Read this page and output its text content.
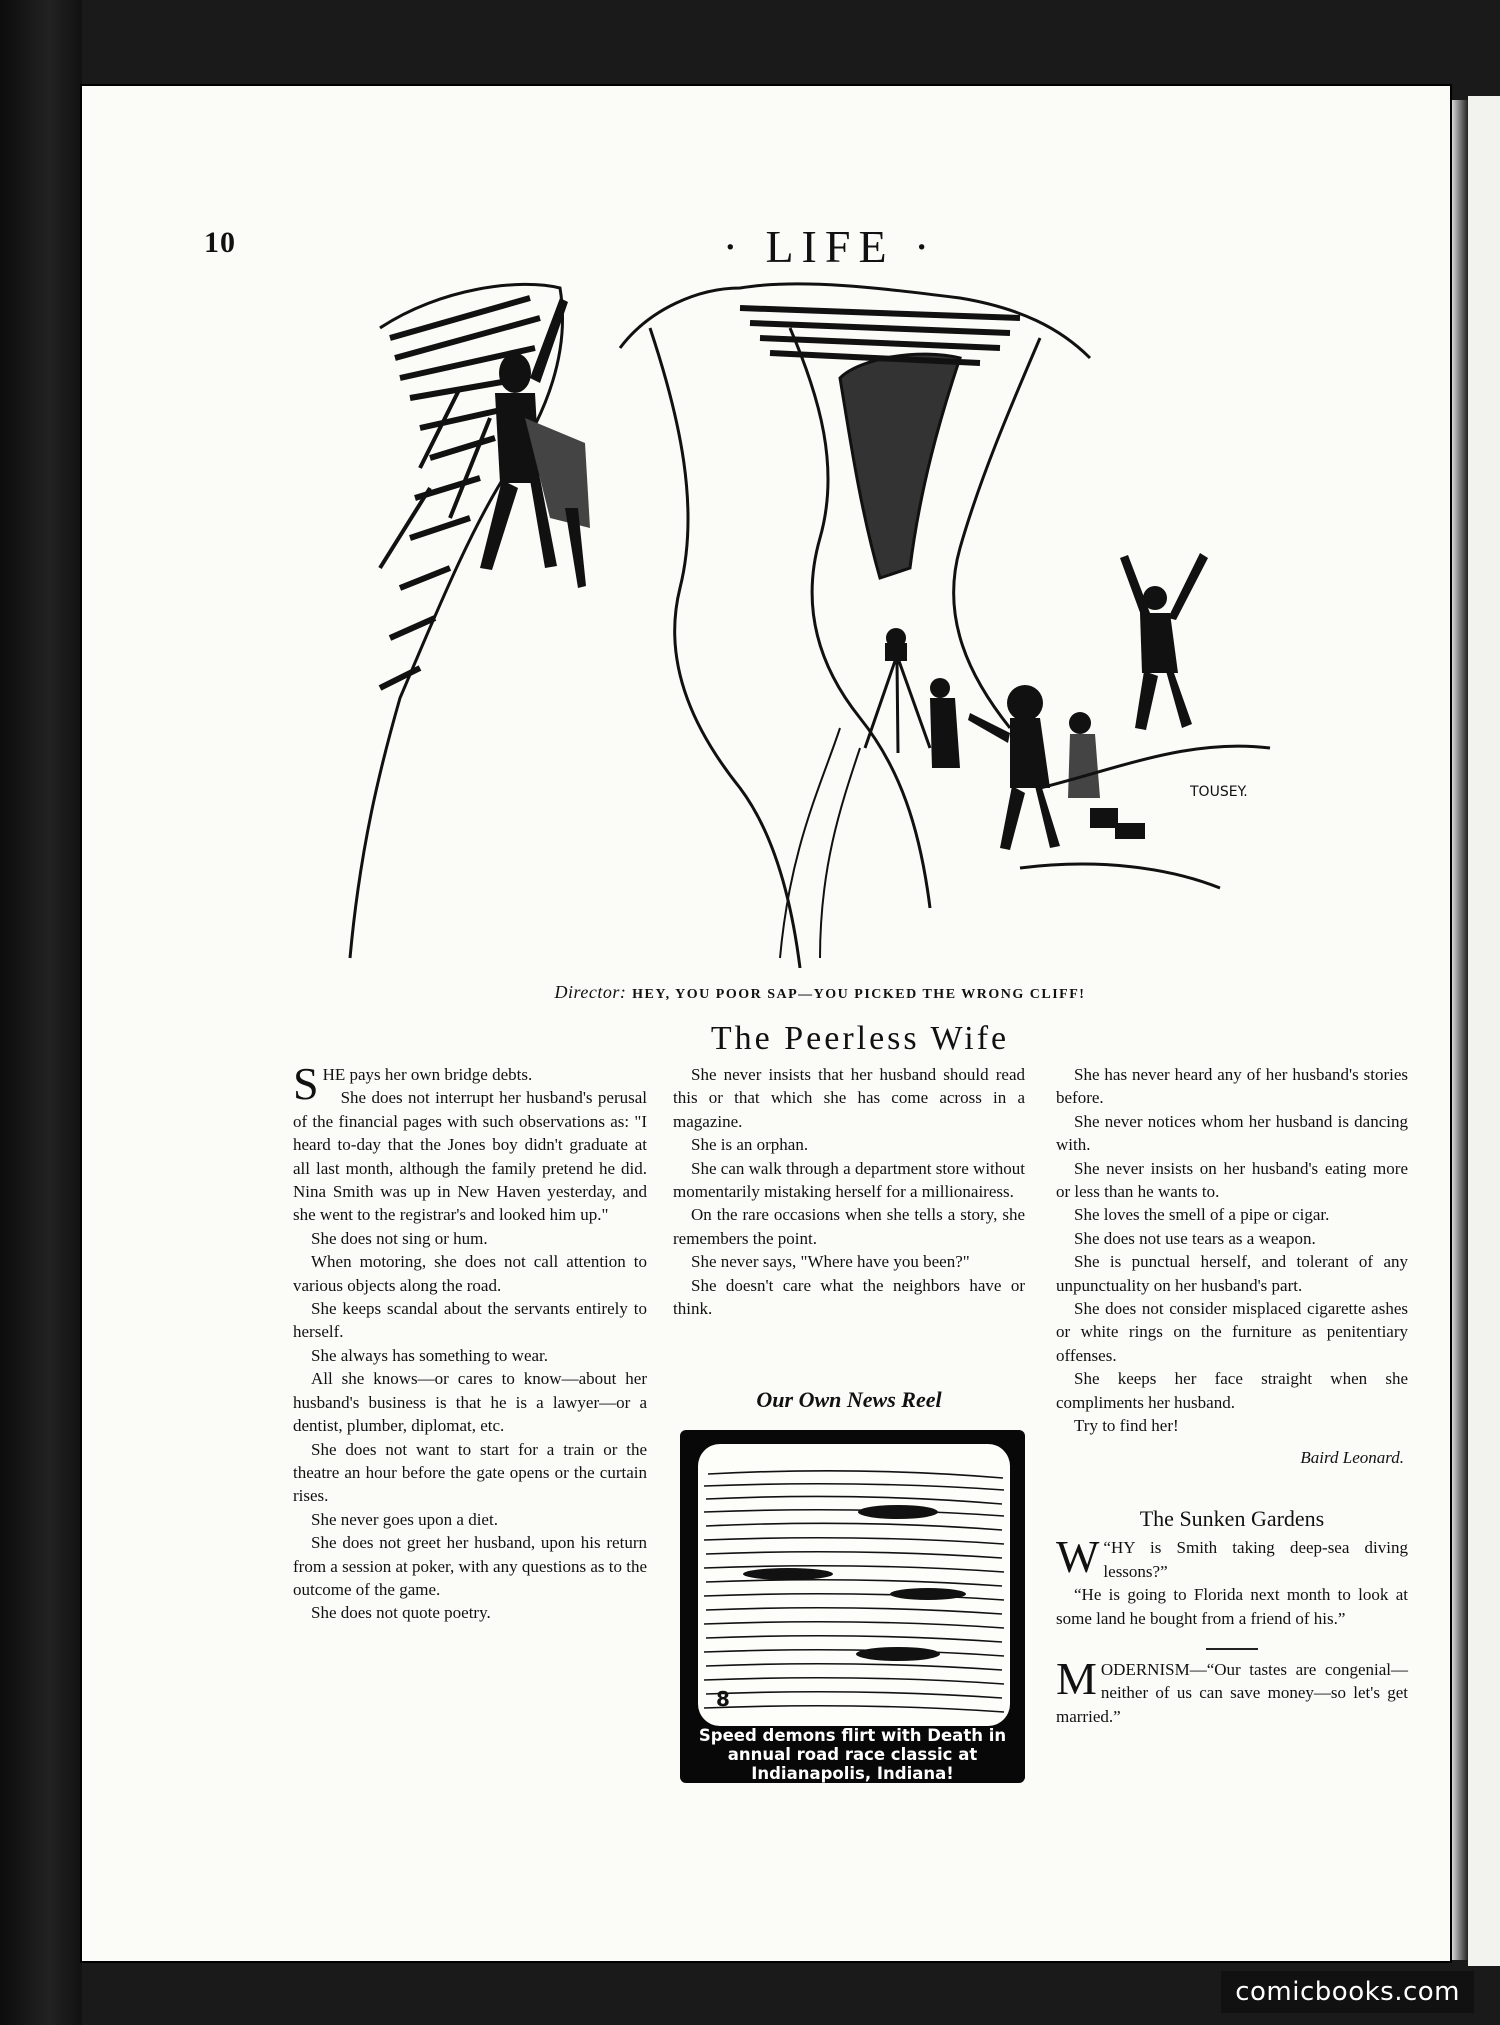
10	· LIFE ·
TOUSEY.
Director: HEY, YOU POOR SAP—YOU PICKED THE WRONG CLIFF!
The Peerless Wife

SHE pays her own bridge debts.

She does not interrupt her husband's perusal of the financial pages with such observations as: "I heard to-day that the Jones boy didn't graduate at all last month, although the family pretend he did. Nina Smith was up in New Haven yesterday, and she went to the registrar's and looked him up."

She does not sing or hum.

When motoring, she does not call attention to various objects along the road.

She keeps scandal about the servants entirely to herself.

She always has something to wear.

All she knows—or cares to know—about her husband's business is that he is a lawyer—or a dentist, plumber, diplomat, etc.

She does not want to start for a train or the theatre an hour before the gate opens or the curtain rises.

She never goes upon a diet.

She does not greet her husband, upon his return from a session at poker, with any questions as to the outcome of the game.

She does not quote poetry.

She never insists that her husband should read this or that which she has come across in a magazine.

She is an orphan.

She can walk through a department store without momentarily mistaking herself for a millionairess.

On the rare occasions when she tells a story, she remembers the point.

She never says, "Where have you been?"

She doesn't care what the neighbors have or think.

Our Own News Reel
8
Speed demons flirt with Death in annual road race classic at Indianapolis, Indiana!

She has never heard any of her husband's stories before.

She never notices whom her husband is dancing with.

She never insists on her husband's eating more or less than he wants to.

She loves the smell of a pipe or cigar.

She does not use tears as a weapon.

She is punctual herself, and tolerant of any unpunctuality on her husband's part.

She does not consider misplaced cigarette ashes or white rings on the furniture as penitentiary offenses.

She keeps her face straight when she compliments her husband.

Try to find her!

Baird Leonard.
The Sunken Gardens

W “HY is Smith taking deep-sea diving lessons?”

“He is going to Florida next month to look at some land he bought from a friend of his.”

MODERNISM—“Our tastes are congenial—neither of us can save money—so let's get married.”

comicbooks.com
